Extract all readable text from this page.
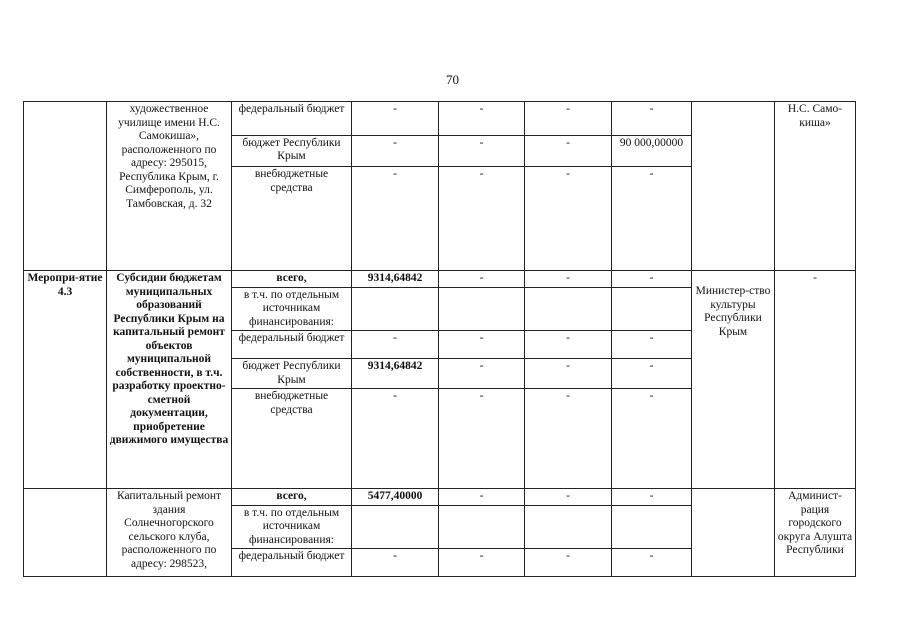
70
	художественное училище имени Н.С. Самокиша», расположенного по адресу: 295015, Республика Крым, г. Симферополь, ул. Тамбовская, д. 32	федеральный бюджет	-	-	-	-		Н.С. Само-киша»
		бюджет Республики Крым	-	-	-	90 000,00000		
		внебюджетные средства	-	-	-	-		
Меропри-ятие 4.3	Субсидии бюджетам муниципальных образований Республики Крым на капитальный ремонт объектов муниципальной собственности, в т.ч. разработку проектно-сметной документации, приобретение движимого имущества	всего,	9314,64842	-	-	-	Министер-ство культуры Республики Крым	-
		в т.ч. по отдельным источникам финансирования:						
		федеральный бюджет	-	-	-	-		
		бюджет Республики Крым	9314,64842	-	-	-		
		внебюджетные средства	-	-	-	-		
	Капитальный ремонт здания Солнечногорского сельского клуба, расположенного по адресу: 298523,	всего,	5477,40000	-	-	-		Админист-рация городского округа Алушта Республики
		в т.ч. по отдельным источникам финансирования:						
		федеральный бюджет	-	-	-	-		
